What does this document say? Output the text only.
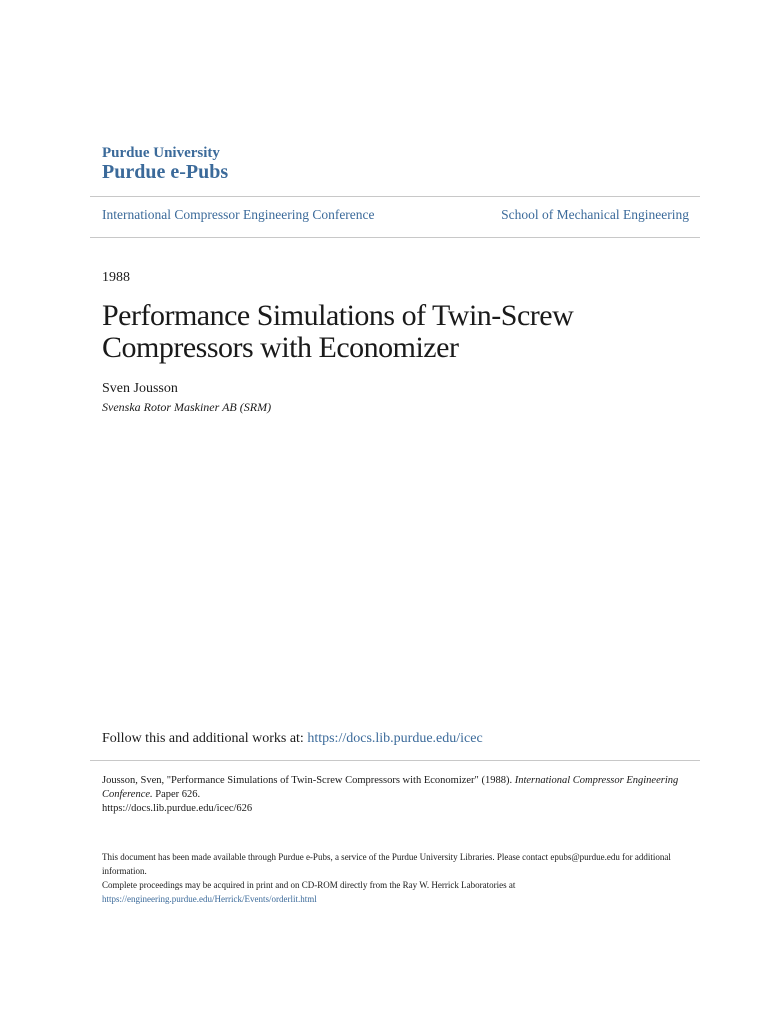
Purdue University
Purdue e-Pubs
International Compressor Engineering Conference	School of Mechanical Engineering
1988
Performance Simulations of Twin-Screw
Compressors with Economizer
Sven Jousson
Svenska Rotor Maskiner AB (SRM)
Follow this and additional works at: https://docs.lib.purdue.edu/icec
Jousson, Sven, "Performance Simulations of Twin-Screw Compressors with Economizer" (1988). International Compressor Engineering Conference. Paper 626.
https://docs.lib.purdue.edu/icec/626

This document has been made available through Purdue e-Pubs, a service of the Purdue University Libraries. Please contact epubs@purdue.edu for additional information.

Complete proceedings may be acquired in print and on CD-ROM directly from the Ray W. Herrick Laboratories at https://engineering.purdue.edu/Herrick/Events/orderlit.html
